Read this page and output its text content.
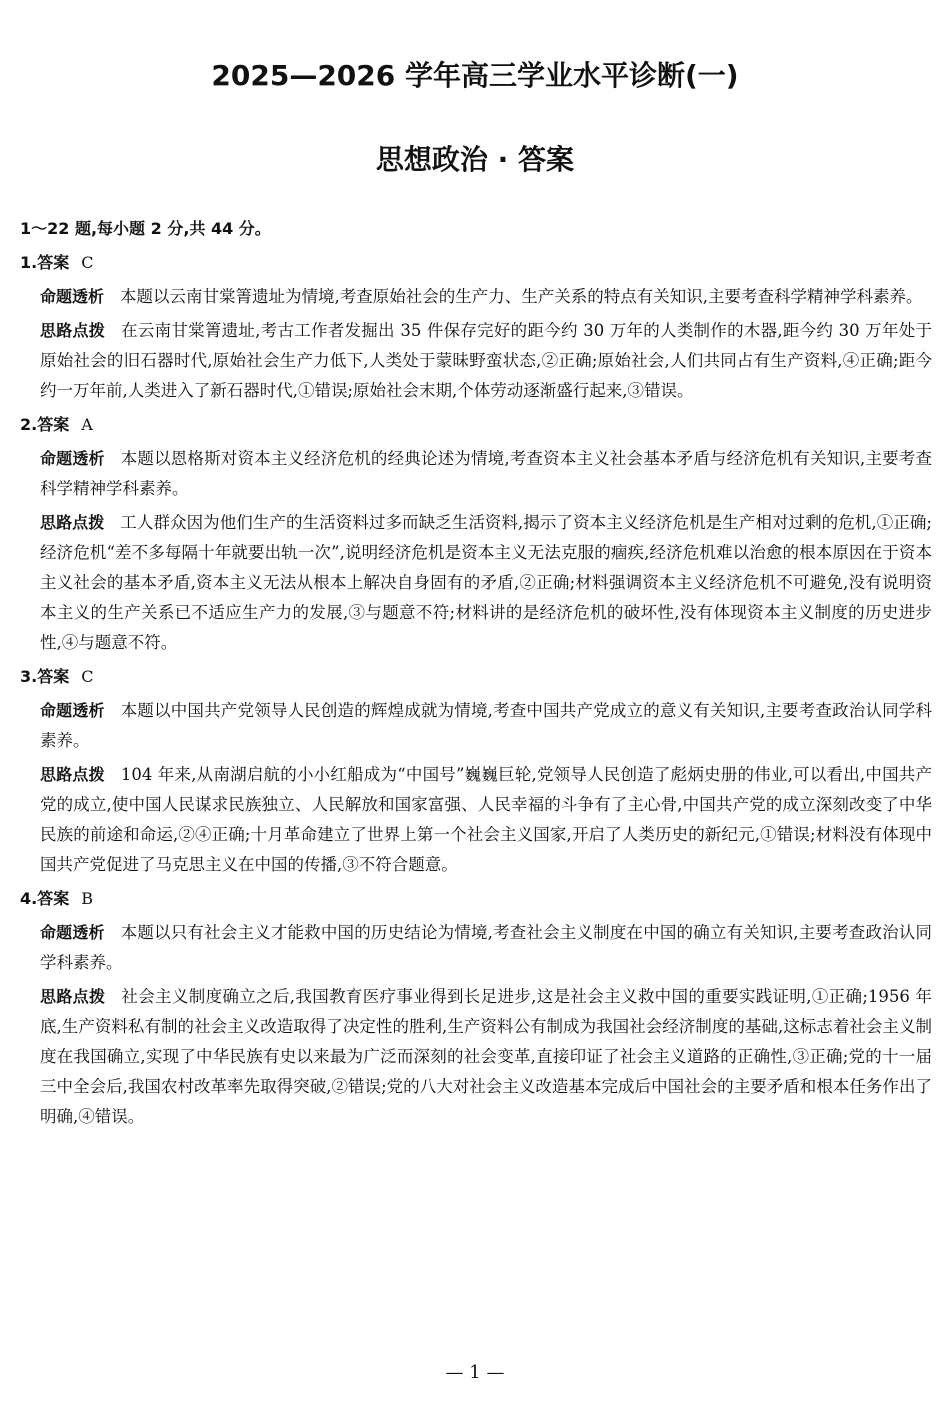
2025—2026 学年高三学业水平诊断(一)
思想政治 · 答案
1～22 题,每小题 2 分,共 44 分。
1.答案 C
命题透析 本题以云南甘棠箐遗址为情境,考查原始社会的生产力、生产关系的特点有关知识,主要考查科学精神学科素养。
思路点拨 在云南甘棠箐遗址,考古工作者发掘出 35 件保存完好的距今约 30 万年的人类制作的木器,距今约 30 万年处于原始社会的旧石器时代,原始社会生产力低下,人类处于蒙昧野蛮状态,②正确;原始社会,人们共同占有生产资料,④正确;距今约一万年前,人类进入了新石器时代,①错误;原始社会末期,个体劳动逐渐盛行起来,③错误。
2.答案 A
命题透析 本题以恩格斯对资本主义经济危机的经典论述为情境,考查资本主义社会基本矛盾与经济危机有关知识,主要考查科学精神学科素养。
思路点拨 工人群众因为他们生产的生活资料过多而缺乏生活资料,揭示了资本主义经济危机是生产相对过剩的危机,①正确;经济危机“差不多每隔十年就要出轨一次”,说明经济危机是资本主义无法克服的痼疾,经济危机难以治愈的根本原因在于资本主义社会的基本矛盾,资本主义无法从根本上解决自身固有的矛盾,②正确;材料强调资本主义经济危机不可避免,没有说明资本主义的生产关系已不适应生产力的发展,③与题意不符;材料讲的是经济危机的破坏性,没有体现资本主义制度的历史进步性,④与题意不符。
3.答案 C
命题透析 本题以中国共产党领导人民创造的辉煌成就为情境,考查中国共产党成立的意义有关知识,主要考查政治认同学科素养。
思路点拨 104 年来,从南湖启航的小小红船成为“中国号”巍巍巨轮,党领导人民创造了彪炳史册的伟业,可以看出,中国共产党的成立,使中国人民谋求民族独立、人民解放和国家富强、人民幸福的斗争有了主心骨,中国共产党的成立深刻改变了中华民族的前途和命运,②④正确;十月革命建立了世界上第一个社会主义国家,开启了人类历史的新纪元,①错误;材料没有体现中国共产党促进了马克思主义在中国的传播,③不符合题意。
4.答案 B
命题透析 本题以只有社会主义才能救中国的历史结论为情境,考查社会主义制度在中国的确立有关知识,主要考查政治认同学科素养。
思路点拨 社会主义制度确立之后,我国教育医疗事业得到长足进步,这是社会主义救中国的重要实践证明,①正确;1956 年底,生产资料私有制的社会主义改造取得了决定性的胜利,生产资料公有制成为我国社会经济制度的基础,这标志着社会主义制度在我国确立,实现了中华民族有史以来最为广泛而深刻的社会变革,直接印证了社会主义道路的正确性,③正确;党的十一届三中全会后,我国农村改革率先取得突破,②错误;党的八大对社会主义改造基本完成后中国社会的主要矛盾和根本任务作出了明确,④错误。
— 1 —
